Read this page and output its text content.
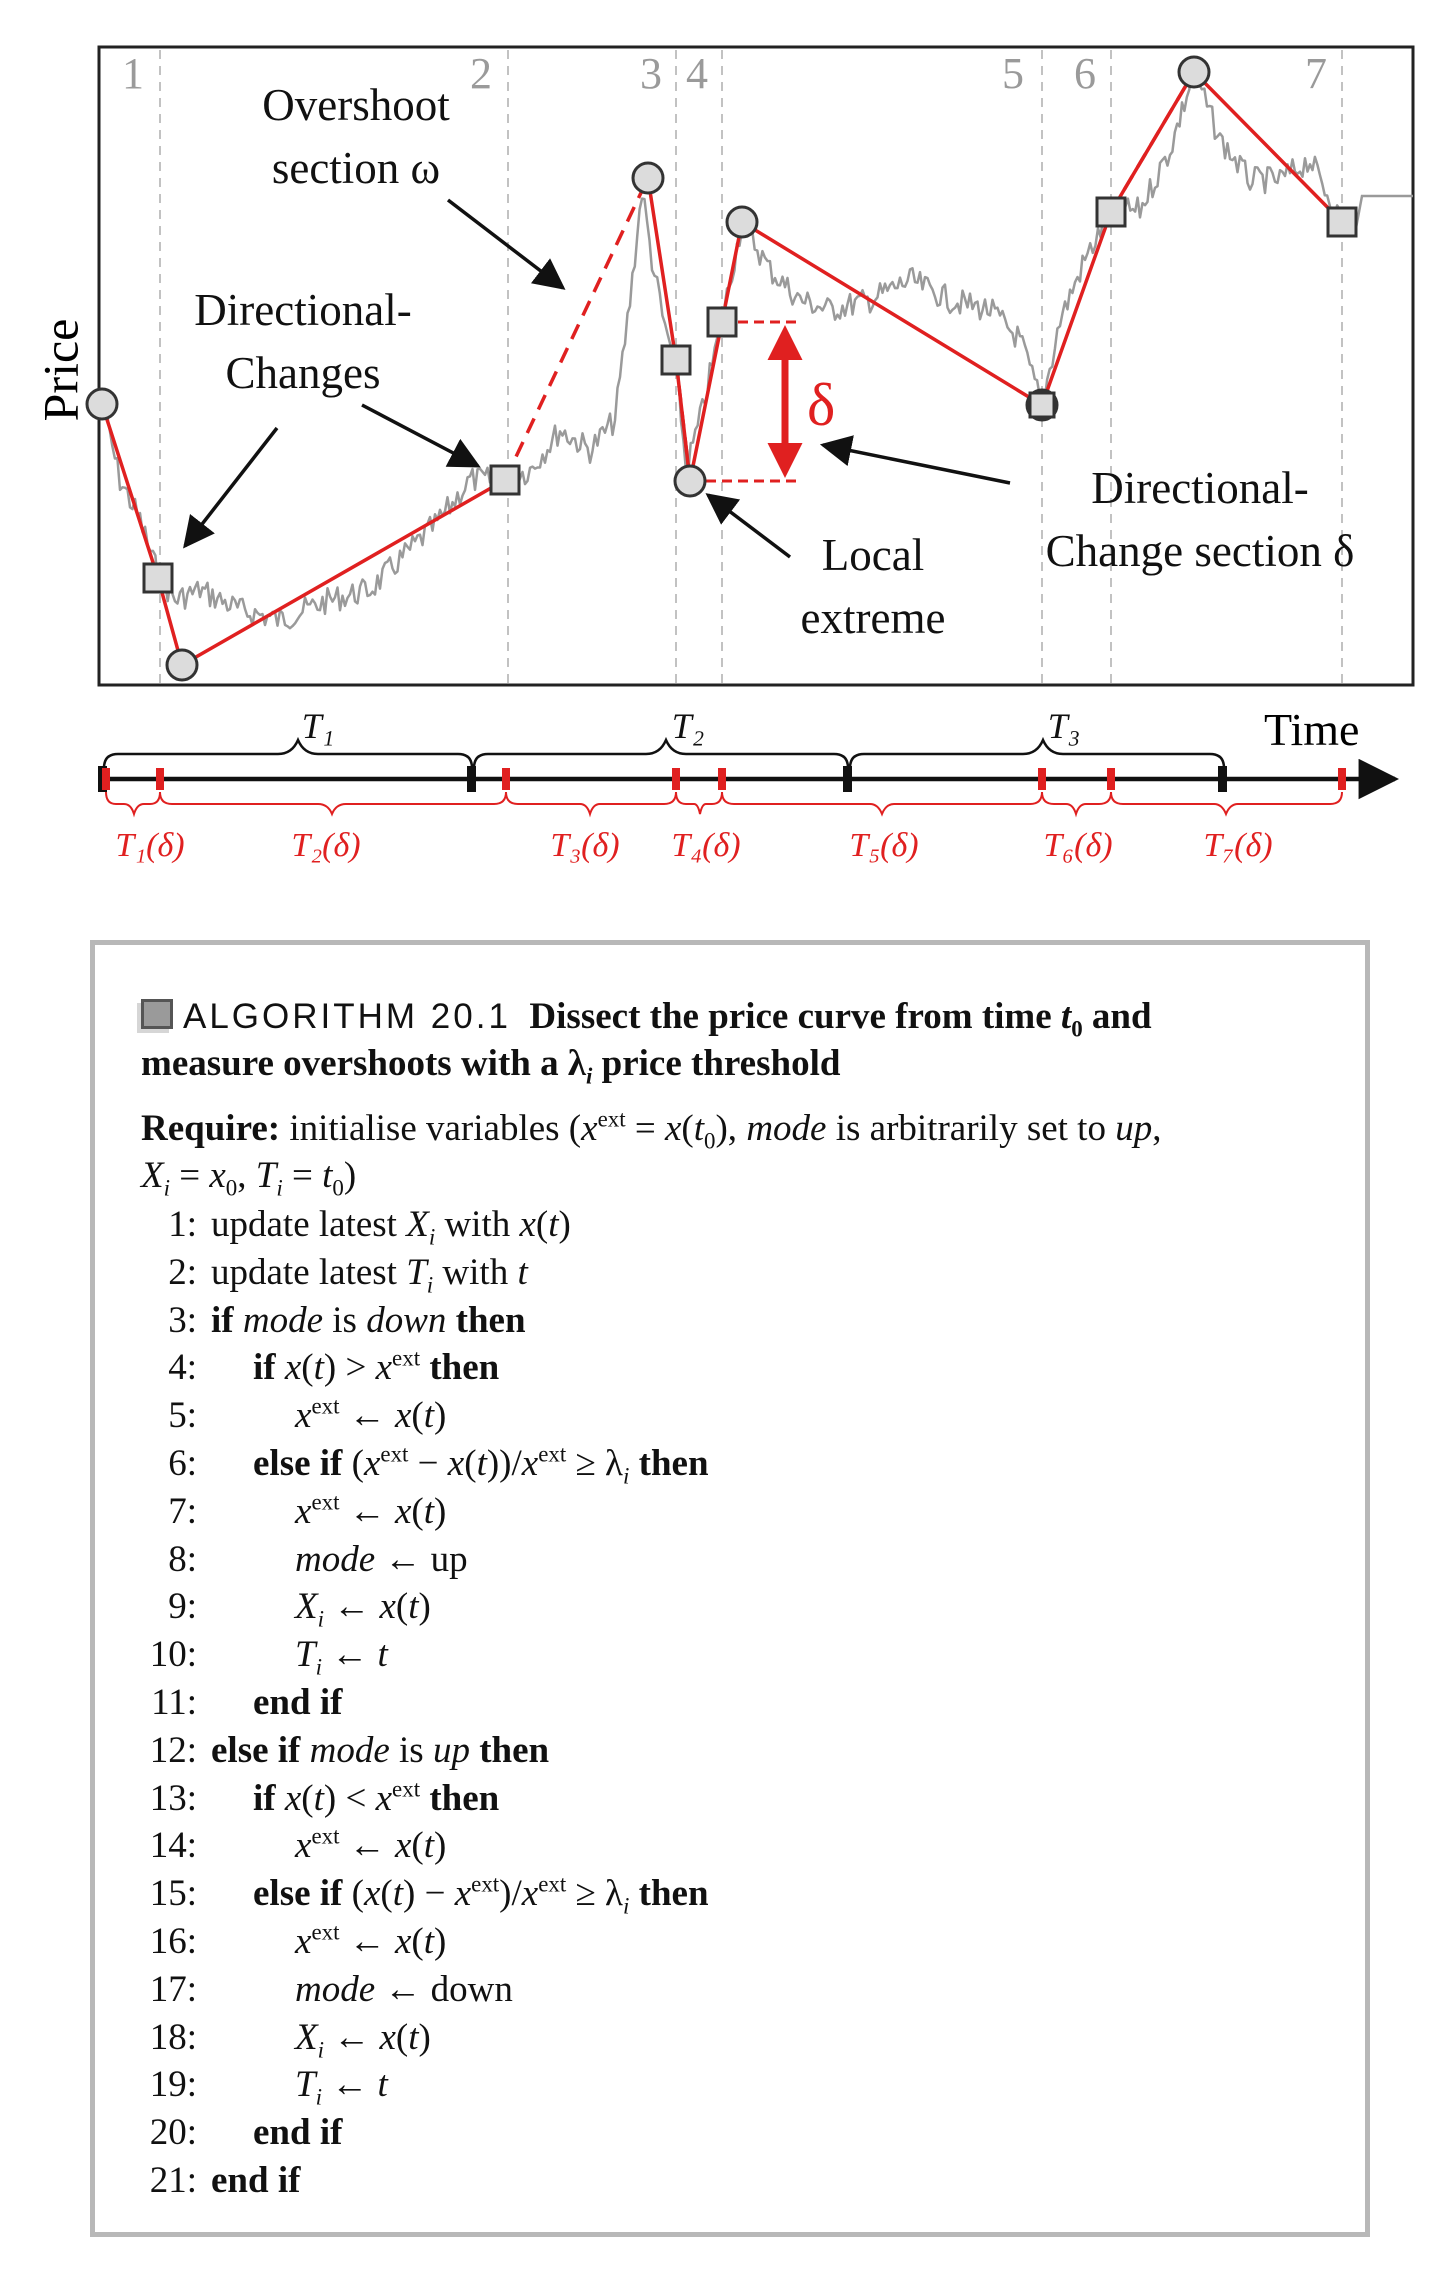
1	2	3 4	5 6	7
δ
Overshoot
section ω
Directional-
Changes
Local
extreme
Directional-
Change section δ
Price
Time
T₁	T₂	T₃
T₁(δ)	T₂(δ)	T₃(δ) T₄(δ)	T₅(δ)	T₆(δ)	T₇(δ)
ALGORITHM 20.1 Dissect the price curve from time $t_0$ and
measure overshoots with a $\lambda_i$ price threshold
Require: initialise variables ($x^{ext} = x(t_0)$, mode is arbitrarily set to up,
$X_i = x_0$, $T_i = t_0$)
1: update latest $X_i$ with x(t)
2: update latest $T_i$ with t
3: if mode is down then
4: if $x(t) > x^{ext}$ then
5:	$x^{ext}$ ← x(t)
6: else if $(x^{ext} - x(t))/x^{ext} \ge \lambda_i$ then
7:	$x^{ext}$ ← x(t)
8:	mode ← up
9:	$X_i$ ← x(t)
10:	$T_i$ ← t
11: end if
12: else if mode is up then
13: if $x(t) < x^{ext}$ then
14:	$x^{ext}$ ← x(t)
15: else if $(x(t) - x^{ext})/x^{ext} \ge \lambda_i$ then
16:	$x^{ext}$ ← x(t)
17:	mode ← down
18:	$X_i$ ← x(t)
19:	$T_i$ ← t
20: end if
21: end if
